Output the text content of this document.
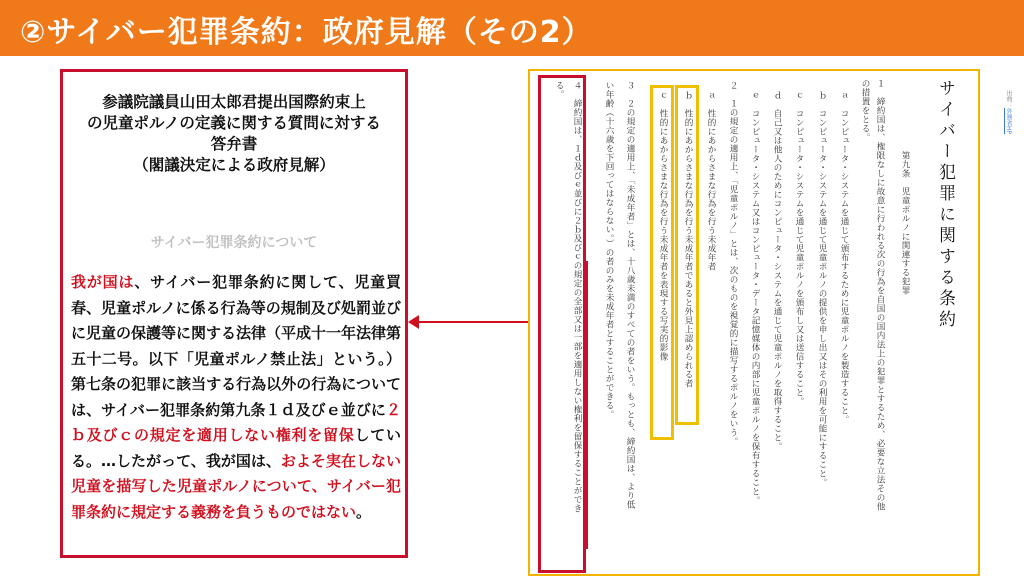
②サイバー犯罪条約：政府見解（その2）
参議院議員山田太郎君提出国際約束上
の児童ポルノの定義に関する質問に対する
答弁書
（閣議決定による政府見解）
サイバー犯罪条約について
我が国は、サイバー犯罪条約に関して、児童買春、児童ポルノに係る行為等の規制及び処罰並びに児童の保護等に関する法律（平成十一年法律第五十二号。以下「児童ポルノ禁止法」という。）第七条の犯罪に該当する行為以外の行為については、サイバー犯罪条約第九条１ｄ及びｅ並びに２ｂ及びｃの規定を適用しない権利を留保している。…したがって、我が国は、およそ実在しない児童を描写した児童ポルノについて、サイバー犯罪条約に規定する義務を負うものではない。
サイバー犯罪に関する条約
１　締約国は、権限なしに故意に行われる次の行為を自国の国内法上の犯罪とするため、必要な立法その他
の措置をとる。
第九条　児童ポルノに関連する犯罪
ａ　コンピュータ・システムを通じて頒布するために児童ポルノを製造すること。
ｂ　コンピュータ・システムを通じて児童ポルノの提供を申し出又はその利用を可能にすること。
ｃ　コンピュータ・システムを通じて児童ポルノを頒布し又は送信すること。
ｄ　自己又は他人のためにコンピュータ・システムを通じて児童ポルノを取得すること。
ｅ　コンピュータ・システム又はコンピュータ・データ記憶媒体の内部に児童ポルノを保有すること。
２　１の規定の適用上、「児童ポルノ」とは、次のものを視覚的に描写するポルノをいう。
ａ　性的にあからさまな行為を行う未成年者
ｂ　性的にあからさまな行為を行う未成年者であると外見上認められる者
ｃ　性的にあからさまな行為を行う未成年者を表現する写実的影像
３　２の規定の適用上、「未成年者」とは、十八歳未満のすべての者をいう。もっとも、締約国は、より低
い年齢（十六歳を下回ってはならない。）の者のみを未成年者とすることができる。
４　締約国は、１ｄ及びｅ並びに２ｂ及びｃの規定の全部又は一部を適用しない権利を留保することができ
る。	出典：外務省HP
